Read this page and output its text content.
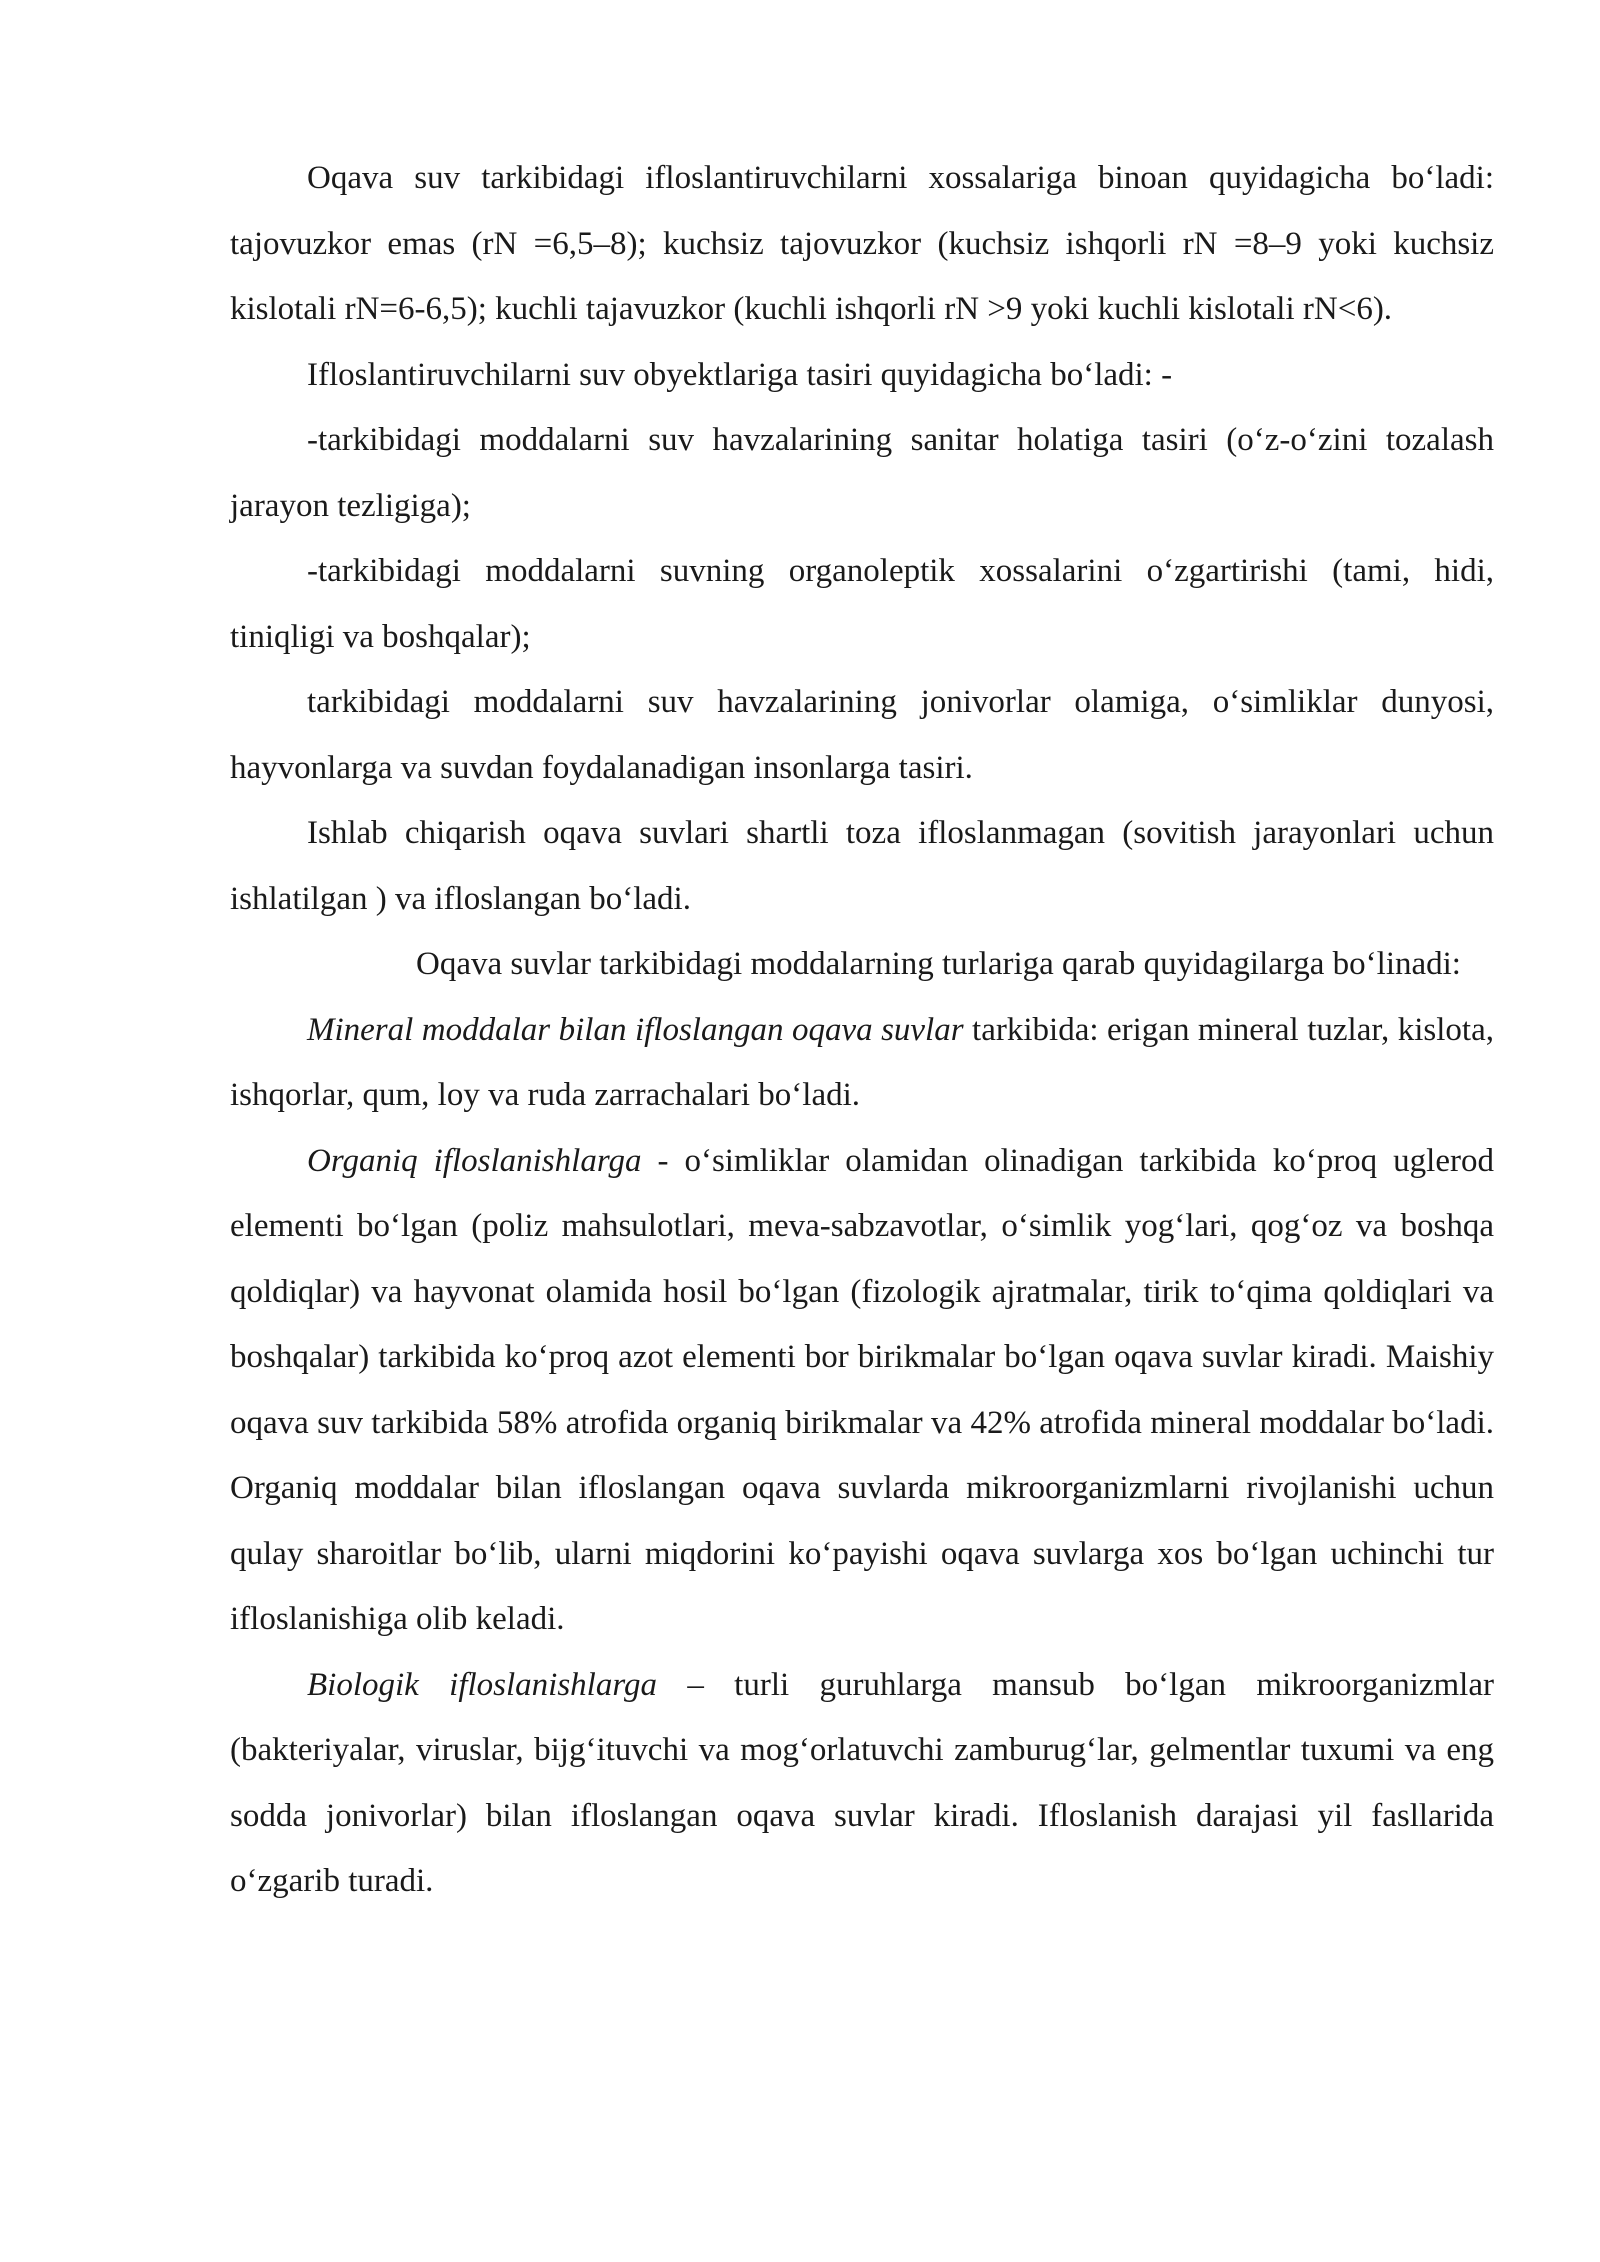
Oqava suv tarkibidagi ifloslantiruvchilarni xossalariga binoan quyidagicha bo‘ladi: tajovuzkor emas (rN =6,5–8); kuchsiz tajovuzkor (kuchsiz ishqorli rN =8–9 yoki kuchsiz kislotali rN=6-6,5); kuchli tajavuzkor (kuchli ishqorli rN >9 yoki kuchli kislotali rN<6).

Ifloslantiruvchilarni suv obyektlariga tasiri quyidagicha bo‘ladi: -

-tarkibidagi moddalarni suv havzalarining sanitar holatiga tasiri (o‘z-o‘zini tozalash jarayon tezligiga);

-tarkibidagi moddalarni suvning organoleptik xossalarini o‘zgartirishi (tami, hidi, tiniqligi va boshqalar);

tarkibidagi moddalarni suv havzalarining jonivorlar olamiga, o‘simliklar dunyosi, hayvonlarga va suvdan foydalanadigan insonlarga tasiri.

Ishlab chiqarish oqava suvlari shartli toza ifloslanmagan (sovitish jarayonlari uchun ishlatilgan ) va ifloslangan bo‘ladi.

Oqava suvlar tarkibidagi moddalarning turlariga qarab quyidagilarga bo‘linadi:

Mineral moddalar bilan ifloslangan oqava suvlar tarkibida: erigan mineral tuzlar, kislota, ishqorlar, qum, loy va ruda zarrachalari bo‘ladi.

Organiq ifloslanishlarga - o‘simliklar olamidan olinadigan tarkibida ko‘proq uglerod elementi bo‘lgan (poliz mahsulotlari, meva-sabzavotlar, o‘simlik yog‘lari, qog‘oz va boshqa qoldiqlar) va hayvonat olamida hosil bo‘lgan (fizologik ajratmalar, tirik to‘qima qoldiqlari va boshqalar) tarkibida ko‘proq azot elementi bor birikmalar bo‘lgan oqava suvlar kiradi. Maishiy oqava suv tarkibida 58% atrofida organiq birikmalar va 42% atrofida mineral moddalar bo‘ladi. Organiq moddalar bilan ifloslangan oqava suvlarda mikroorganizmlarni rivojlanishi uchun qulay sharoitlar bo‘lib, ularni miqdorini ko‘payishi oqava suvlarga xos bo‘lgan uchinchi tur ifloslanishiga olib keladi.

Biologik ifloslanishlarga – turli guruhlarga mansub bo‘lgan mikroorganizmlar (bakteriyalar, viruslar, bijg‘ituvchi va mog‘orlatuvchi zamburug‘lar, gelmentlar tuxumi va eng sodda jonivorlar) bilan ifloslangan oqava suvlar kiradi. Ifloslanish darajasi yil fasllarida o‘zgarib turadi.
